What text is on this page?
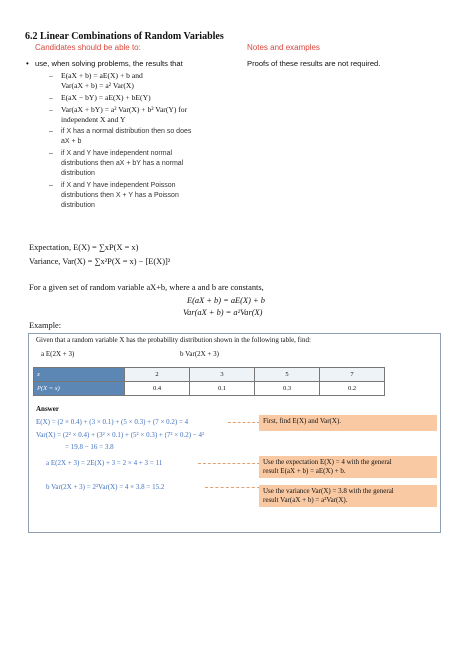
6.2 Linear Combinations of Random Variables
Candidates should be able to:	Notes and examples
• use, when solving problems, the results that	Proofs of these results are not required.
– E(aX + b) = aE(X) + b and
Var(aX + b) = a² Var(X)
– E(aX − bY) = aE(X) + bE(Y)
– Var(aX + bY) = a² Var(X) + b² Var(Y) for
independent X and Y
– if X has a normal distribution then so does
aX + b
– if X and Y have independent normal
distributions then aX + bY has a normal
distribution
– if X and Y have independent Poisson
distributions then X + Y has a Poisson
distribution
Expectation, E(X) = ∑xP(X = x)
Variance, Var(X) = ∑x²P(X = x) − [E(X)]²
For a given set of random variable aX+b, where a and b are constants,
E(aX + b) = aE(X) + b
Var(aX + b) = a²Var(X)
Example:
Given that a random variable X has the probability distribution shown in the following table, find:
a E(2X + 3)	b Var(2X + 3)
x	2	3	5	7
P(X = x)	0.4	0.1	0.3	0.2
Answer
E(X) = (2 × 0.4) + (3 × 0.1) + (5 × 0.3) + (7 × 0.2) = 4
Var(X) = (2² × 0.4) + (3² × 0.1) + (5² × 0.3) + (7² × 0.2) − 4²
= 19.8 − 16 = 3.8
a E(2X + 3) = 2E(X) + 3 = 2 × 4 + 3 = 11
b Var(2X + 3) = 2²Var(X) = 4 × 3.8 = 15.2
First, find E(X) and Var(X).
Use the expectation E(X) = 4 with the general
result E(aX + b) = aE(X) + b.
Use the variance Var(X) = 3.8 with the general
result Var(aX + b) = a²Var(X).
